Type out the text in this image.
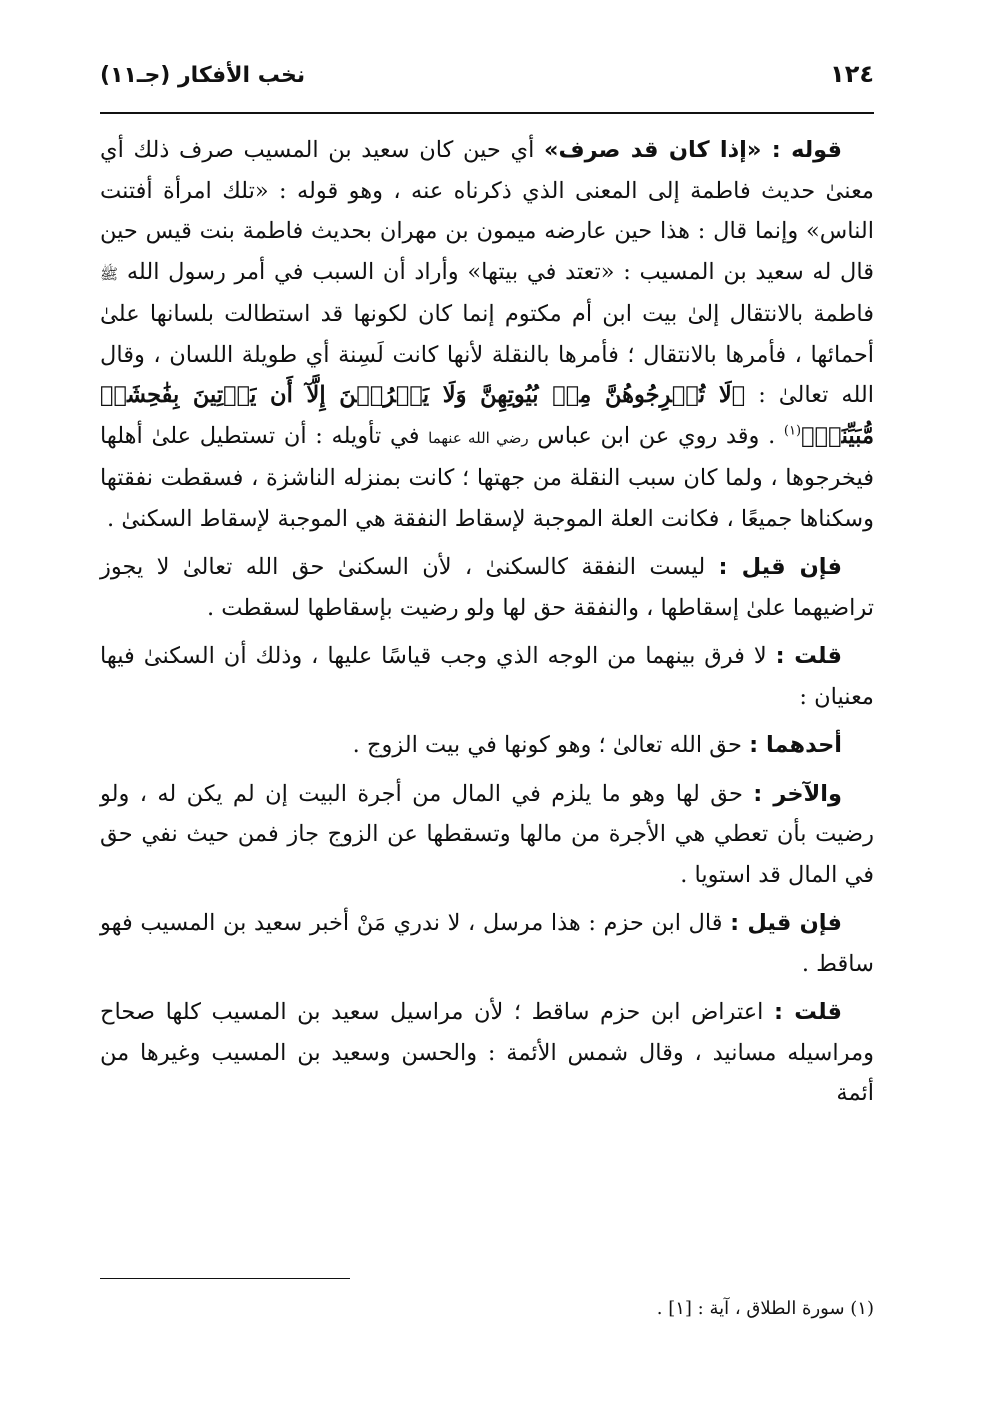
١٢٤
نخب الأفكار (جـ١١)

قوله : «إذا كان قد صرف» أي حين كان سعيد بن المسيب صرف ذلك أي معنىٰ حديث فاطمة إلى المعنى الذي ذكرناه عنه ، وهو قوله : «تلك امرأة أفتنت الناس» وإنما قال : هذا حين عارضه ميمون بن مهران بحديث فاطمة بنت قيس حين قال له سعيد بن المسيب : «تعتد في بيتها» وأراد أن السبب في أمر رسول الله ﷺ فاطمة بالانتقال إلىٰ بيت ابن أم مكتوم إنما كان لكونها قد استطالت بلسانها علىٰ أحمائها ، فأمرها بالانتقال ؛ فأمرها بالنقلة لأنها كانت لَسِنة أي طويلة اللسان ، وقال الله تعالىٰ : ﴿لَا تُخۡرِجُوهُنَّ مِنۢ بُيُوتِهِنَّ وَلَا يَخۡرُجۡنَ إِلَّآ أَن يَأۡتِينَ بِفَٰحِشَةٖ مُّبَيِّنَةٖ﴾$^{(١)}$ . وقد روي عن ابن عباس رضي الله عنهما في تأويله : أن تستطيل علىٰ أهلها فيخرجوها ، ولما كان سبب النقلة من جهتها ؛ كانت بمنزله الناشزة ، فسقطت نفقتها وسكناها جميعًا ، فكانت العلة الموجبة لإسقاط النفقة هي الموجبة لإسقاط السكنىٰ .

فإن قيل : ليست النفقة كالسكنىٰ ، لأن السكنىٰ حق الله تعالىٰ لا يجوز تراضيهما علىٰ إسقاطها ، والنفقة حق لها ولو رضيت بإسقاطها لسقطت .

قلت : لا فرق بينهما من الوجه الذي وجب قياسًا عليها ، وذلك أن السكنىٰ فيها معنيان :

أحدهما : حق الله تعالىٰ ؛ وهو كونها في بيت الزوج .

والآخر : حق لها وهو ما يلزم في المال من أجرة البيت إن لم يكن له ، ولو رضيت بأن تعطي هي الأجرة من مالها وتسقطها عن الزوج جاز فمن حيث نفي حق في المال قد استويا .

فإن قيل : قال ابن حزم : هذا مرسل ، لا ندري مَنْ أخبر سعيد بن المسيب فهو ساقط .

قلت : اعتراض ابن حزم ساقط ؛ لأن مراسيل سعيد بن المسيب كلها صحاح ومراسيله مسانيد ، وقال شمس الأئمة : والحسن وسعيد بن المسيب وغيرها من أئمة

(١) سورة الطلاق ، آية : [١] .
